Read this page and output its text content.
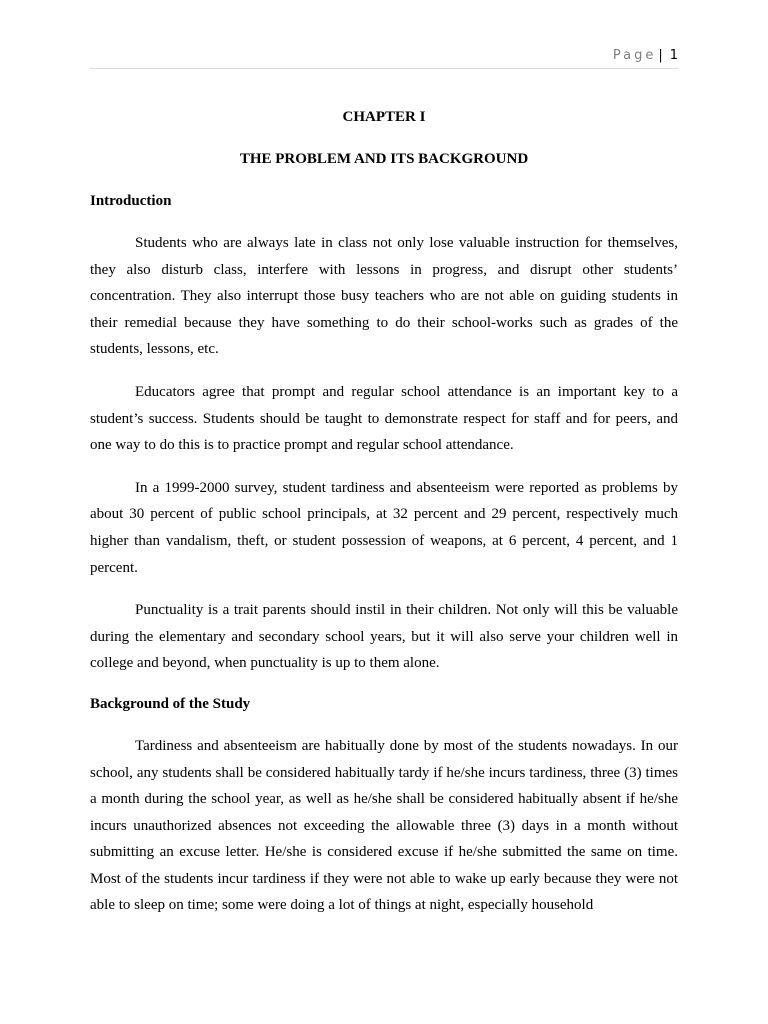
Page | 1
CHAPTER I
THE PROBLEM AND ITS BACKGROUND
Introduction

Students who are always late in class not only lose valuable instruction for themselves, they also disturb class, interfere with lessons in progress, and disrupt other students’ concentration. They also interrupt those busy teachers who are not able on guiding students in their remedial because they have something to do their school-works such as grades of the students, lessons, etc.

Educators agree that prompt and regular school attendance is an important key to a student’s success. Students should be taught to demonstrate respect for staff and for peers, and one way to do this is to practice prompt and regular school attendance.

In a 1999-2000 survey, student tardiness and absenteeism were reported as problems by about 30 percent of public school principals, at 32 percent and 29 percent, respectively much higher than vandalism, theft, or student possession of weapons, at 6 percent, 4 percent, and 1 percent.

Punctuality is a trait parents should instil in their children. Not only will this be valuable during the elementary and secondary school years, but it will also serve your children well in college and beyond, when punctuality is up to them alone.

Background of the Study

Tardiness and absenteeism are habitually done by most of the students nowadays. In our school, any students shall be considered habitually tardy if he/she incurs tardiness, three (3) times a month during the school year, as well as he/she shall be considered habitually absent if he/she incurs unauthorized absences not exceeding the allowable three (3) days in a month without submitting an excuse letter. He/she is considered excuse if he/she submitted the same on time. Most of the students incur tardiness if they were not able to wake up early because they were not able to sleep on time; some were doing a lot of things at night, especially household
